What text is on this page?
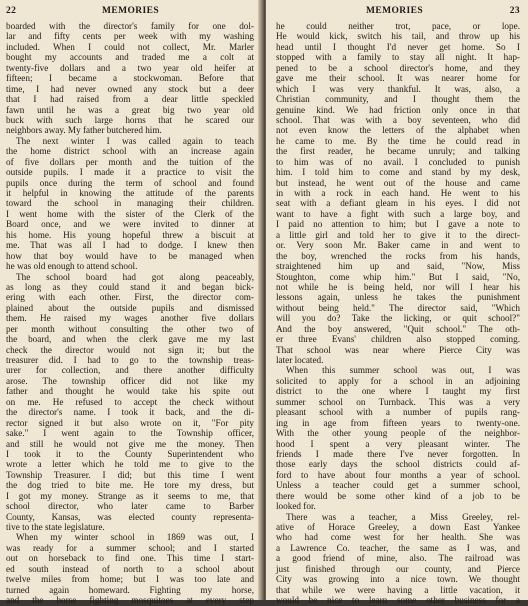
22	MEMORIES
boarded with the director's family for one dol-
lar and fifty cents per week with my washing
included. When I could not collect, Mr. Marler
bought my accounts and traded me a colt at
twenty-five dollars and a two year old heifer at
fifteen; I became a stockwoman. Before that
time, I had never owned any stock but a deer
that I had raised from a dear little speckled
fawn until he was a great big two year old
buck with such large horns that he scared our
neighbors away. My father butchered him.
The next winter I was called again to teach
the home district school with an increase again
of five dollars per month and the tuition of the
outside pupils. I made it a practice to visit the
pupils once during the term of school and found
it helpful in knowing the attitude of the parents
toward the school in managing their children.
I went home with the sister of the Clerk of the
Board once, and we were invited to dinner at
his home. His young hopeful threw a biscuit at
me. That was all I had to dodge. I knew then
how that boy would have to be managed when
he was old enough to attend school.
The school board had got along peaceably,
as long as they could stand it and began bick-
ering with each other. First, the director com-
plained about the outside pupils and dismissed
them. He raised my wages another five dollars
per month without consulting the other two of
the board, and when the clerk gave me my last
check the director would not sign it; but the
treasurer did. I had to go to the township treas-
urer for collection, and there another difficulty
arose. The township officer did not like my
father and thought he would take his spite out
on me. He refused to accept the check without
the director's name. I took it back, and the di-
rector signed it but also wrote on it, "For pity
sake." I went again to the Township officer,
and still he would not give me the money. Then
I took it to the County Superintendent who
wrote a letter which he told me to give to the
Township Treasurer. I did; but this time I went
the dog tried to bite me. He tore my dress, but
I got my money. Strange as it seems to me, that
school director, who later came to Barber
County, Kansas, was elected county representa-
tive to the state legislature.
When my winter school in 1869 was out, I
was ready for a summer school; and I started
out on horseback to find one. This time I start-
ed south instead of north to a school about
twelve miles from home; but I was too late and
turned again homeward. Fighting my horse,
and the horse fighting mosquitoes at every step
MEMORIES	23
he could neither trot, pace, or lope.
He would kick, switch his tail, and throw up his
head until I thought I'd never get home. So I
stopped with a family to stay all night. It hap-
pened to be a school director's home, and they
gave me their school. It was nearer home for
which I was very thankful. It was, also, a
Christian community, and I thought them the
genuine kind. We had friction only once in that
school. That was with a boy seventeen, who did
not even know the letters of the alphabet when
he came to me. By the time he could read in
the first reader, he became unruly; and talking
to him was of no avail. I concluded to punish
him. I told him to come and stand by my desk,
but instead, he went out of the house and came
in with a rock in each hand. He went to his
seat with a defiant gleam in his eyes. I did not
want to have a fight with such a large boy, and
I paid no attention to him; but I gave a note to
a little girl and told her to give it to the direct-
or. Very soon Mr. Baker came in and went to
the boy, wrenched the rocks from his hands,
straightened him up and said, "Now, Miss
Stoughton, come whip him." But I said, "No,
not while he is being held, nor will I hear his
lessons again, unless he takes the punishment
without being held." The director said, "Which
will you do? Take the licking, or quit school?"
And the boy answered, "Quit school." The oth-
er three Evans' children also stopped coming.
That school was near where Pierce City was
later located.
When this summer school was out, I was
solicited to apply for a school in an adjoining
district to the one where I taught my first
summer school on Turnback. This was a very
pleasant school with a number of pupils rang-
ing in age from fifteen years to twenty-one.
With the other young people of the neighbor-
hood I spent a very pleasant winter. The
friends I made there I've never forgotten. In
those early days the school districts could af-
ford to have about four months a year of school.
Unless a teacher could get a summer school,
there would be some other kind of a job to be
looked for.
There was a teacher, a Miss Greeley, rel-
ative of Horace Greeley, a down East Yankee
who had come west for her health. She was
a Lawrence Co. teacher, the same as I was, and
a good friend of mine, also. The railroad was
just finished through our county, and Pierce
City was growing into a nice town. We thought
that while we were having a little vacation, it
would be nice to learn some other business for a
